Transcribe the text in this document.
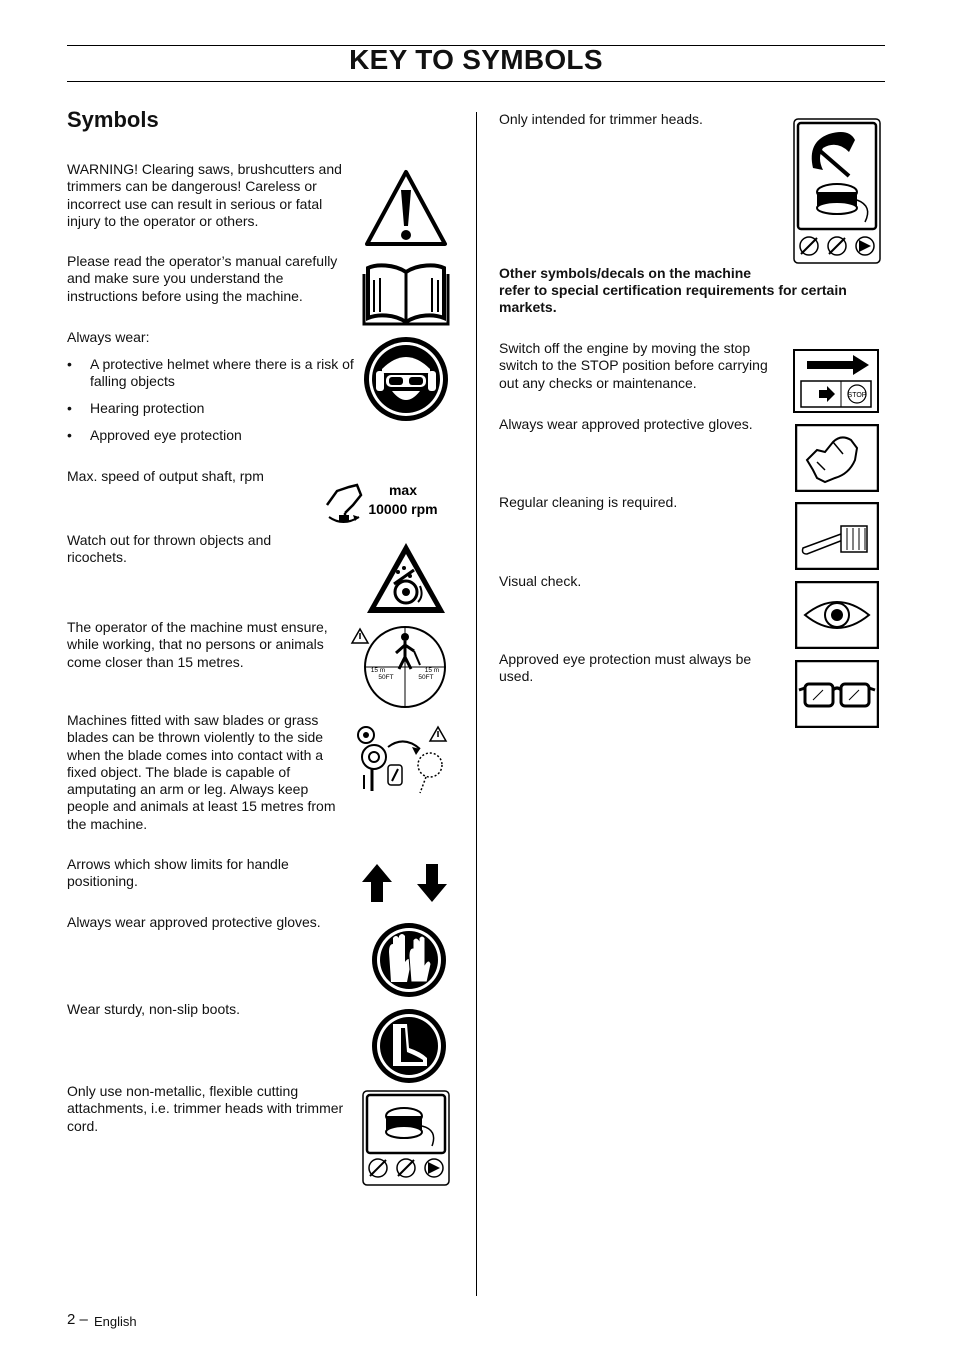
KEY TO SYMBOLS
Symbols
WARNING! Clearing saws, brushcutters and trimmers can be dangerous! Careless or incorrect use can result in serious or fatal injury to the operator or others.
Please read the operator’s manual carefully and make sure you understand the instructions before using the machine.
Always wear:
• A protective helmet where there is a risk of falling objects
• Hearing protection
• Approved eye protection
Max. speed of output shaft, rpm
Watch out for thrown objects and ricochets.
The operator of the machine must ensure, while working, that no persons or animals come closer than 15 metres.
Machines fitted with saw blades or grass blades can be thrown violently to the side when the blade comes into contact with a fixed object. The blade is capable of amputating an arm or leg. Always keep people and animals at least 15 metres from the machine.
Arrows which show limits for handle positioning.
Always wear approved protective gloves.
Wear sturdy, non-slip boots.
Only use non-metallic, flexible cutting attachments, i.e. trimmer heads with trimmer cord.
Only intended for trimmer heads.
Other symbols/decals on the machine
refer to special certification requirements for certain markets.
Switch off the engine by moving the stop switch to the STOP position before carrying out any checks or maintenance.
Always wear approved protective gloves.
Regular cleaning is required.
Visual check.
Approved eye protection must always be used.
max
10000 rpm
15 m
50FT
15 m
50FT
STOP
2 – English
